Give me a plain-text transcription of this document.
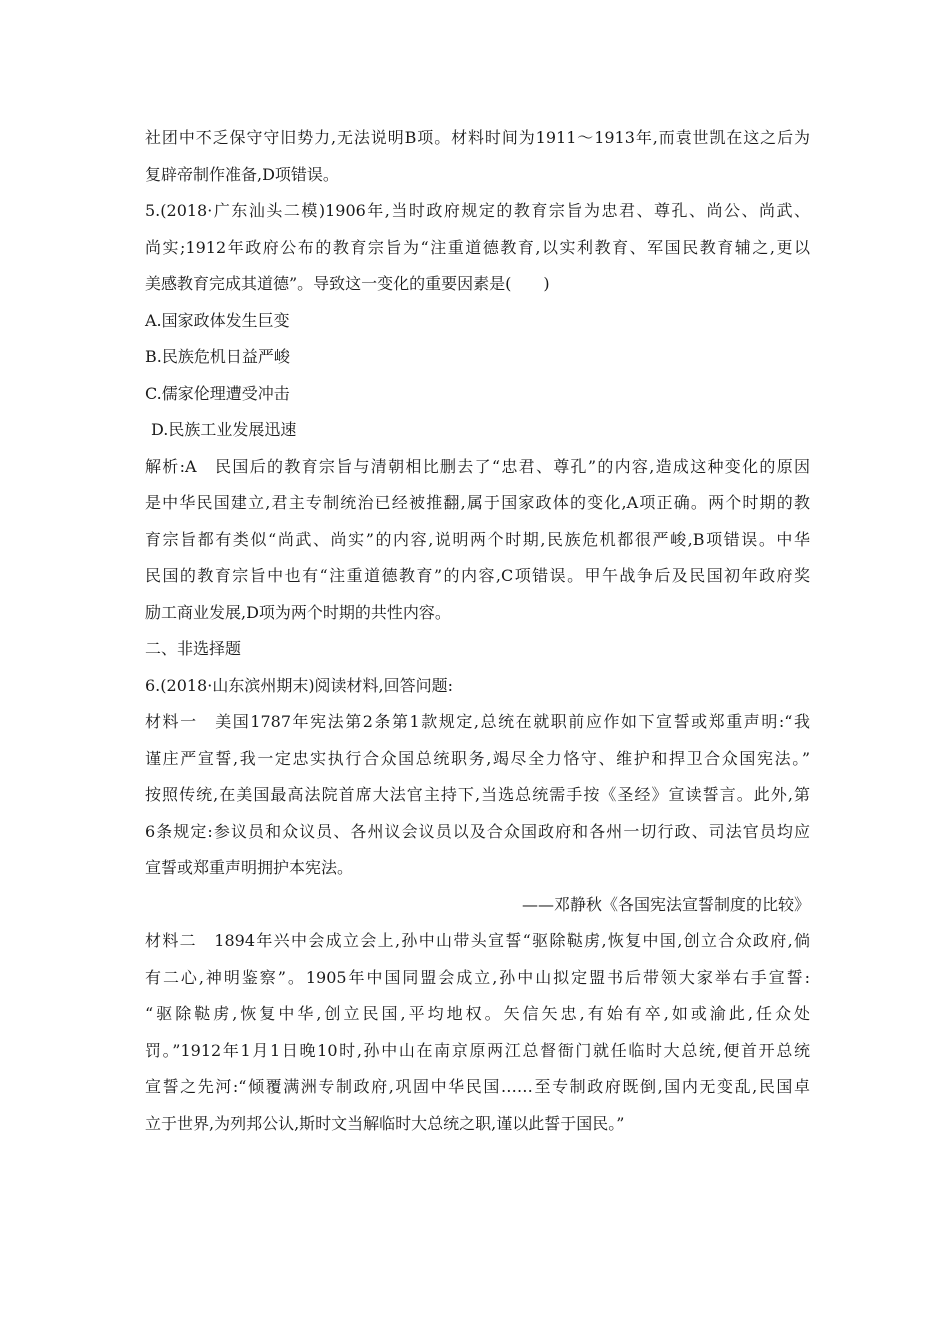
社团中不乏保守守旧势力,无法说明B项。材料时间为1911～1913年,而袁世凯在这之后为
复辟帝制作准备,D项错误。
5.(2018·广东汕头二模)1906年,当时政府规定的教育宗旨为忠君、尊孔、尚公、尚武、
尚实;1912年政府公布的教育宗旨为“注重道德教育,以实利教育、军国民教育辅之,更以
美感教育完成其道德”。导致这一变化的重要因素是(　　)
A.国家政体发生巨变
B.民族危机日益严峻
C.儒家伦理遭受冲击
D.民族工业发展迅速
解析:A　民国后的教育宗旨与清朝相比删去了“忠君、尊孔”的内容,造成这种变化的原因
是中华民国建立,君主专制统治已经被推翻,属于国家政体的变化,A项正确。两个时期的教
育宗旨都有类似“尚武、尚实”的内容,说明两个时期,民族危机都很严峻,B项错误。中华
民国的教育宗旨中也有“注重道德教育”的内容,C项错误。甲午战争后及民国初年政府奖
励工商业发展,D项为两个时期的共性内容。
二、非选择题
6.(2018·山东滨州期末)阅读材料,回答问题:
材料一　美国1787年宪法第2条第1款规定,总统在就职前应作如下宣誓或郑重声明:“我
谨庄严宣誓,我一定忠实执行合众国总统职务,竭尽全力恪守、维护和捍卫合众国宪法。”
按照传统,在美国最高法院首席大法官主持下,当选总统需手按《圣经》宣读誓言。此外,第
6条规定:参议员和众议员、各州议会议员以及合众国政府和各州一切行政、司法官员均应
宣誓或郑重声明拥护本宪法。
——邓静秋《各国宪法宣誓制度的比较》
材料二　1894年兴中会成立会上,孙中山带头宣誓“驱除鞑虏,恢复中国,创立合众政府,倘
有二心,神明鉴察”。1905年中国同盟会成立,孙中山拟定盟书后带领大家举右手宣誓:
“驱除鞑虏,恢复中华,创立民国,平均地权。矢信矢忠,有始有卒,如或渝此,任众处
罚。”1912年1月1日晚10时,孙中山在南京原两江总督衙门就任临时大总统,便首开总统
宣誓之先河:“倾覆满洲专制政府,巩固中华民国……至专制政府既倒,国内无变乱,民国卓
立于世界,为列邦公认,斯时文当解临时大总统之职,谨以此誓于国民。”
